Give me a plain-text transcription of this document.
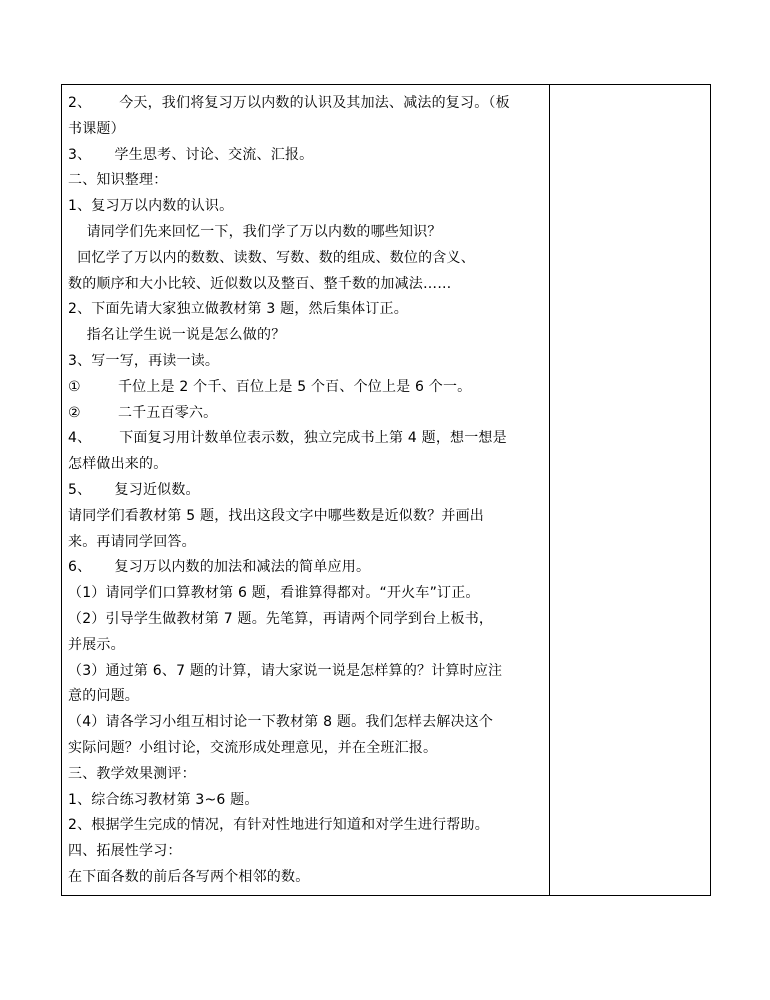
2、      今天，我们将复习万以内数的认识及其加法、减法的复习。（板
书课题）
3、     学生思考、讨论、交流、汇报。
二、知识整理：
1、复习万以内数的认识。
请同学们先来回忆一下，我们学了万以内数的哪些知识？
回忆学了万以内的数数、读数、写数、数的组成、数位的含义、
数的顺序和大小比较、近似数以及整百、整千数的加减法……
2、下面先请大家独立做教材第 3 题，然后集体订正。
指名让学生说一说是怎么做的？
3、写一写，再读一读。
①        千位上是 2 个千、百位上是 5 个百、个位上是 6 个一。
②        二千五百零六。
4、      下面复习用计数单位表示数，独立完成书上第 4 题，想一想是
怎样做出来的。
5、     复习近似数。
请同学们看教材第 5 题，找出这段文字中哪些数是近似数？并画出
来。再请同学回答。
6、     复习万以内数的加法和减法的简单应用。
（1）请同学们口算教材第 6 题，看谁算得都对。“开火车”订正。
（2）引导学生做教材第 7 题。先笔算，再请两个同学到台上板书，
并展示。
（3）通过第 6、7 题的计算，请大家说一说是怎样算的？计算时应注
意的问题。
（4）请各学习小组互相讨论一下教材第 8 题。我们怎样去解决这个
实际问题？小组讨论，交流形成处理意见，并在全班汇报。
三、教学效果测评：
1、综合练习教材第 3~6 题。
2、根据学生完成的情况，有针对性地进行知道和对学生进行帮助。
四、拓展性学习：
在下面各数的前后各写两个相邻的数。
